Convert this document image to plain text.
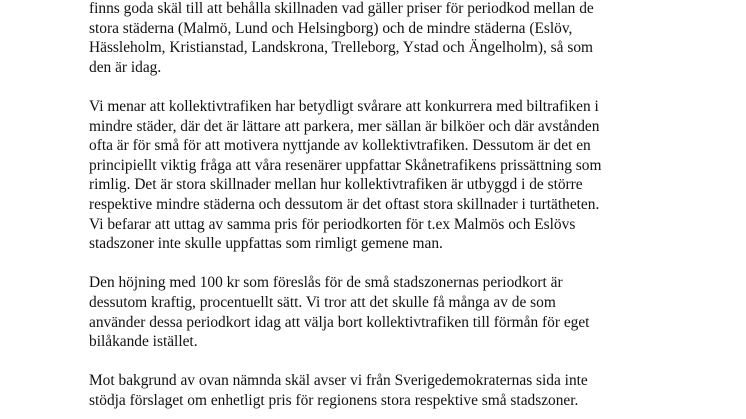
finns goda skäl till att behålla skillnaden vad gäller priser för periodkod mellan de
stora städerna (Malmö, Lund och Helsingborg) och de mindre städerna (Eslöv,
Hässleholm, Kristianstad, Landskrona, Trelleborg, Ystad och Ängelholm), så som
den är idag.
Vi menar att kollektivtrafiken har betydligt svårare att konkurrera med biltrafiken i
mindre städer, där det är lättare att parkera, mer sällan är bilköer och där avstånden
ofta är för små för att motivera nyttjande av kollektivtrafiken. Dessutom är det en
principiellt viktig fråga att våra resenärer uppfattar Skånetrafikens prissättning som
rimlig. Det är stora skillnader mellan hur kollektivtrafiken är utbyggd i de större
respektive mindre städerna och dessutom är det oftast stora skillnader i turtätheten.
Vi befarar att uttag av samma pris för periodkorten för t.ex Malmös och Eslövs
stadszoner inte skulle uppfattas som rimligt gemene man.
Den höjning med 100 kr som föreslås för de små stadszonernas periodkort är
dessutom kraftig, procentuellt sätt. Vi tror att det skulle få många av de som
använder dessa periodkort idag att välja bort kollektivtrafiken till förmån för eget
bilåkande istället.
Mot bakgrund av ovan nämnda skäl avser vi från Sverigedemokraternas sida inte
stödja förslaget om enhetligt pris för regionens stora respektive små stadszoner.
